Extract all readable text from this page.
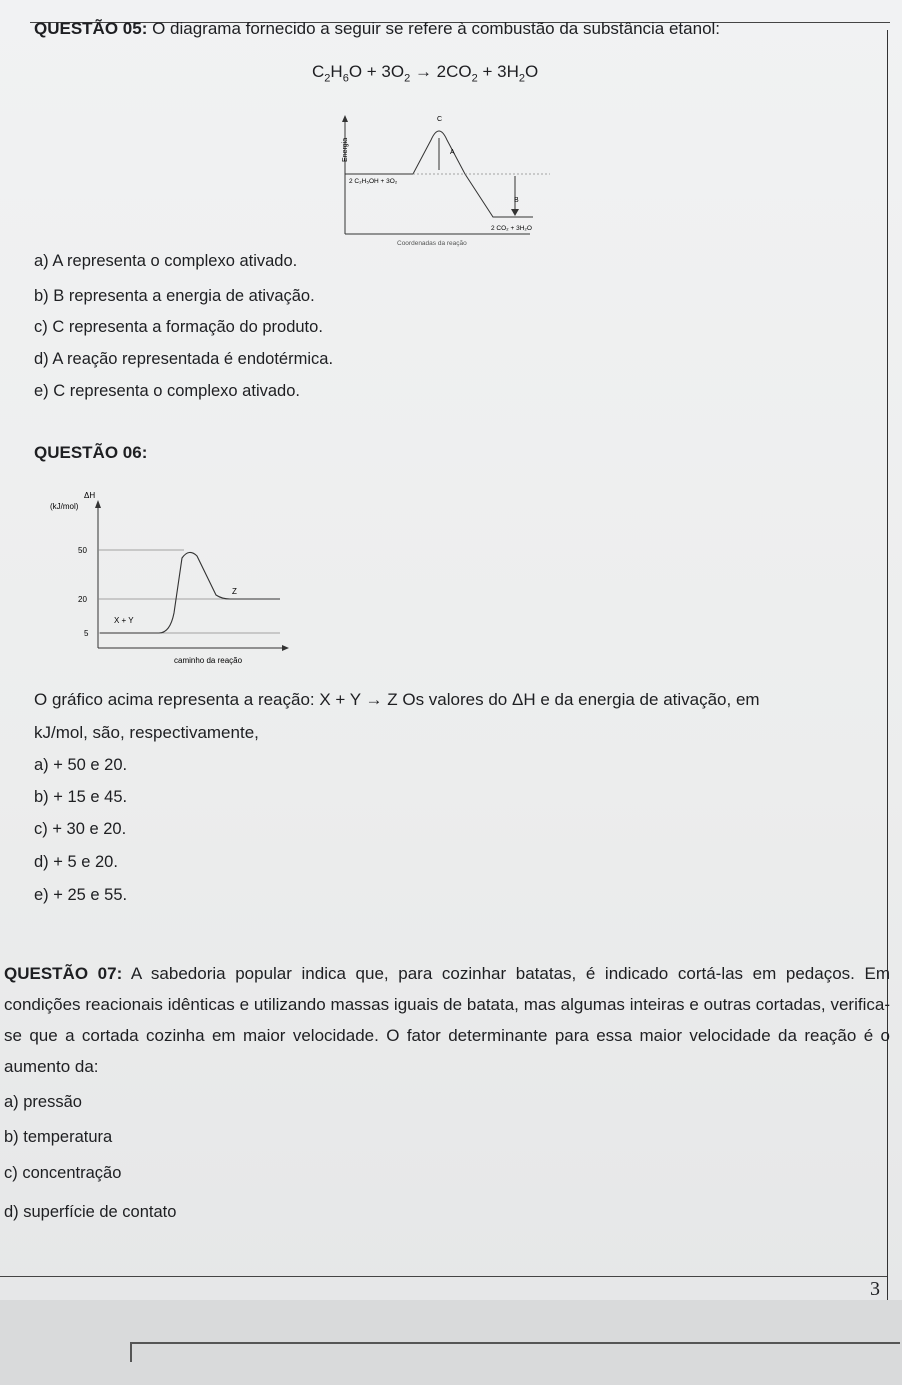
QUESTÃO 05: O diagrama fornecido a seguir se refere à combustão da substância etanol:
$C_2H_6O + 3O_2 \to 2CO_2 + 3H_2O$
Energia
C
A
B
2 C₂H₅OH + 3O₂
2 CO₂ + 3H₂O
Coordenadas da reação
a) A representa o complexo ativado.
b) B representa a energia de ativação.
c) C representa a formação do produto.
d) A reação representada é endotérmica.
e) C representa o complexo ativado.
QUESTÃO 06:
ΔH
(kJ/mol)
50
20
5
X + Y
Z
caminho da reação
O gráfico acima representa a reação: X + Y → Z Os valores do ΔH e da energia de ativação, em
kJ/mol, são, respectivamente,
a) + 50 e 20.
b) + 15 e 45.
c) + 30 e 20.
d) + 5 e 20.
e) + 25 e 55.
QUESTÃO 07: A sabedoria popular indica que, para cozinhar batatas, é indicado cortá-las em pedaços. Em condições reacionais idênticas e utilizando massas iguais de batata, mas algumas inteiras e outras cortadas, verifica-se que a cortada cozinha em maior velocidade. O fator determinante para essa maior velocidade da reação é o aumento da:
a) pressão
b) temperatura
c) concentração
d) superfície de contato
3
